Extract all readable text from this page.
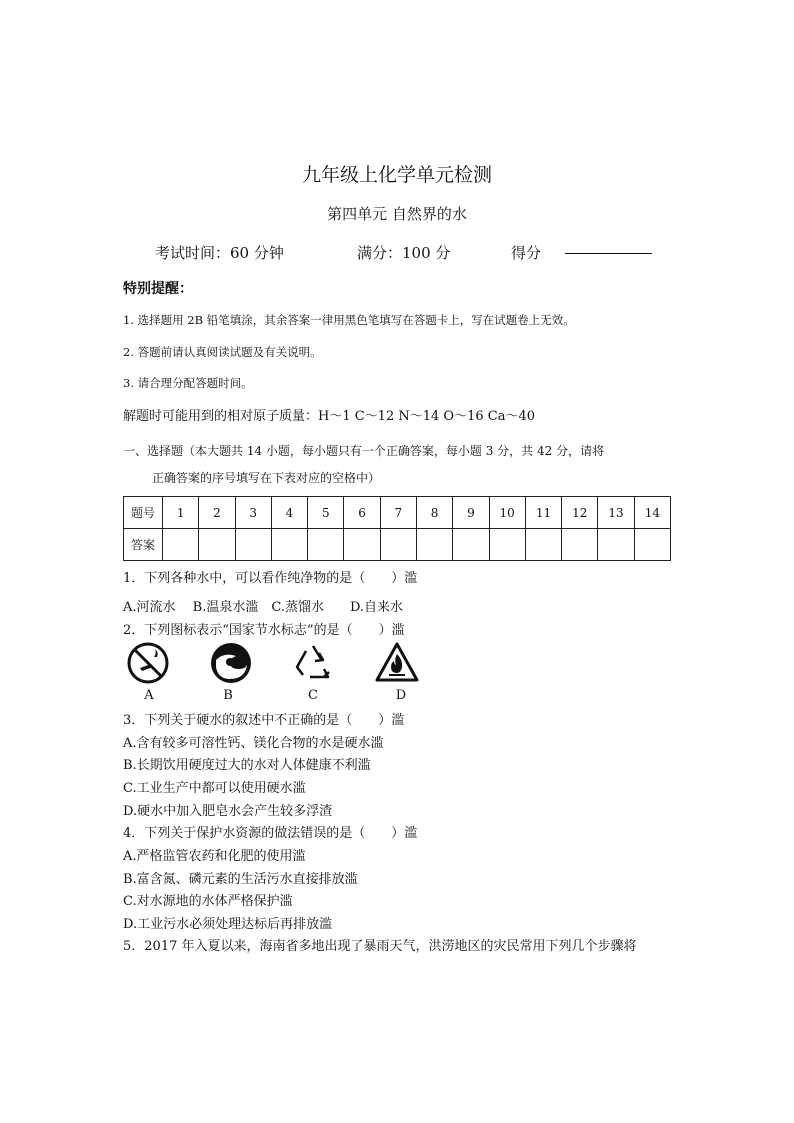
九年级上化学单元检测
第四单元 自然界的水
考试时间：60 分钟	满分：100 分	得分
特别提醒：
1. 选择题用 2B 铅笔填涂，其余答案一律用黑色笔填写在答题卡上，写在试题卷上无效。
2. 答题前请认真阅读试题及有关说明。
3. 请合理分配答题时间。
解题时可能用到的相对原子质量：H～1 C～12 N～14 O～16 Ca～40
一、选择题（本大题共 14 小题，每小题只有一个正确答案，每小题 3 分，共 42 分，请将
正确答案的序号填写在下表对应的空格中）
题号	1	2	3	4	5	6	7	8	9	10	11	12	13	14
答案														
1．下列各种水中，可以看作纯净物的是（　　）滥
A.河流水　 B.温泉水滥　C.蒸馏水　　D.自来水
2．下列图标表示“国家节水标志”的是（　　）滥
A	B	C	D
3．下列关于硬水的叙述中不正确的是（　　）滥
A.含有较多可溶性钙、镁化合物的水是硬水滥
B.长期饮用硬度过大的水对人体健康不利滥
C.工业生产中都可以使用硬水滥
D.硬水中加入肥皂水会产生较多浮渣
4．下列关于保护水资源的做法错误的是（　　）滥
A.严格监管农药和化肥的使用滥
B.富含氮、磷元素的生活污水直接排放滥
C.对水源地的水体严格保护滥
D.工业污水必须处理达标后再排放滥
5．2017 年入夏以来，海南省多地出现了暴雨天气，洪涝地区的灾民常用下列几个步骤将
